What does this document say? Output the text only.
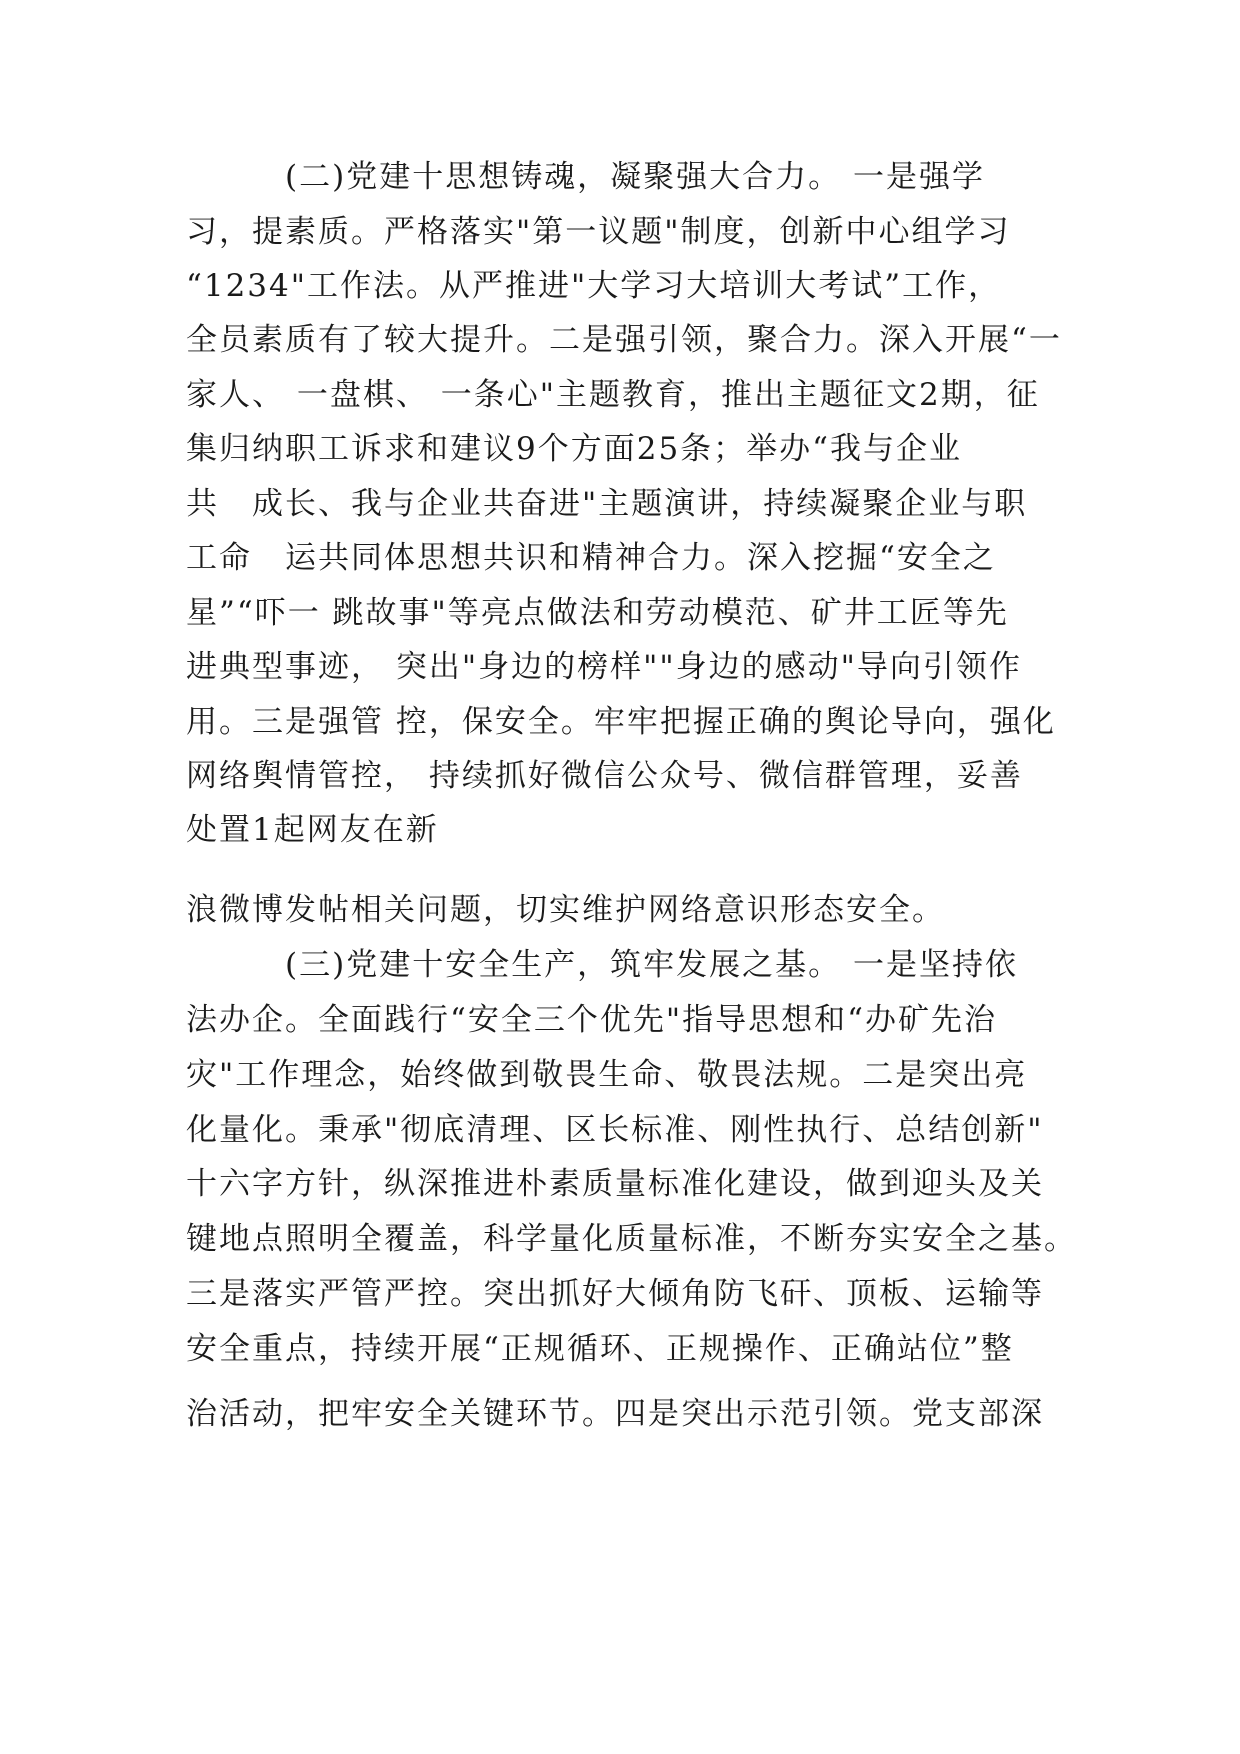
　　　(二)党建十思想铸魂，凝聚强大合力。 一是强学
习，提素质。严格落实"第一议题"制度，创新中心组学习
“1234"工作法。从严推进"大学习大培训大考试”工作，
全员素质有了较大提升。二是强引领，聚合力。深入开展“一
家人、 一盘棋、 一条心"主题教育，推出主题征文2期，征
集归纳职工诉求和建议9个方面25条；举办“我与企业
共　成长、我与企业共奋进"主题演讲，持续凝聚企业与职
工命　运共同体思想共识和精神合力。深入挖掘“安全之
星”“吓一 跳故事"等亮点做法和劳动模范、矿井工匠等先
进典型事迹， 突出"身边的榜样""身边的感动"导向引领作
用。三是强管 控，保安全。牢牢把握正确的舆论导向，强化
网络舆情管控， 持续抓好微信公众号、微信群管理，妥善
处置1起网友在新
浪微博发帖相关问题，切实维护网络意识形态安全。
　　　(三)党建十安全生产，筑牢发展之基。 一是坚持依
法办企。全面践行“安全三个优先"指导思想和“办矿先治
灾"工作理念，始终做到敬畏生命、敬畏法规。二是突出亮
化量化。秉承"彻底清理、区长标准、刚性执行、总结创新"
十六字方针，纵深推进朴素质量标准化建设，做到迎头及关
键地点照明全覆盖，科学量化质量标准，不断夯实安全之基。
三是落实严管严控。突出抓好大倾角防飞矸、顶板、运输等
安全重点，持续开展“正规循环、正规操作、正确站位”整
治活动，把牢安全关键环节。四是突出示范引领。党支部深
